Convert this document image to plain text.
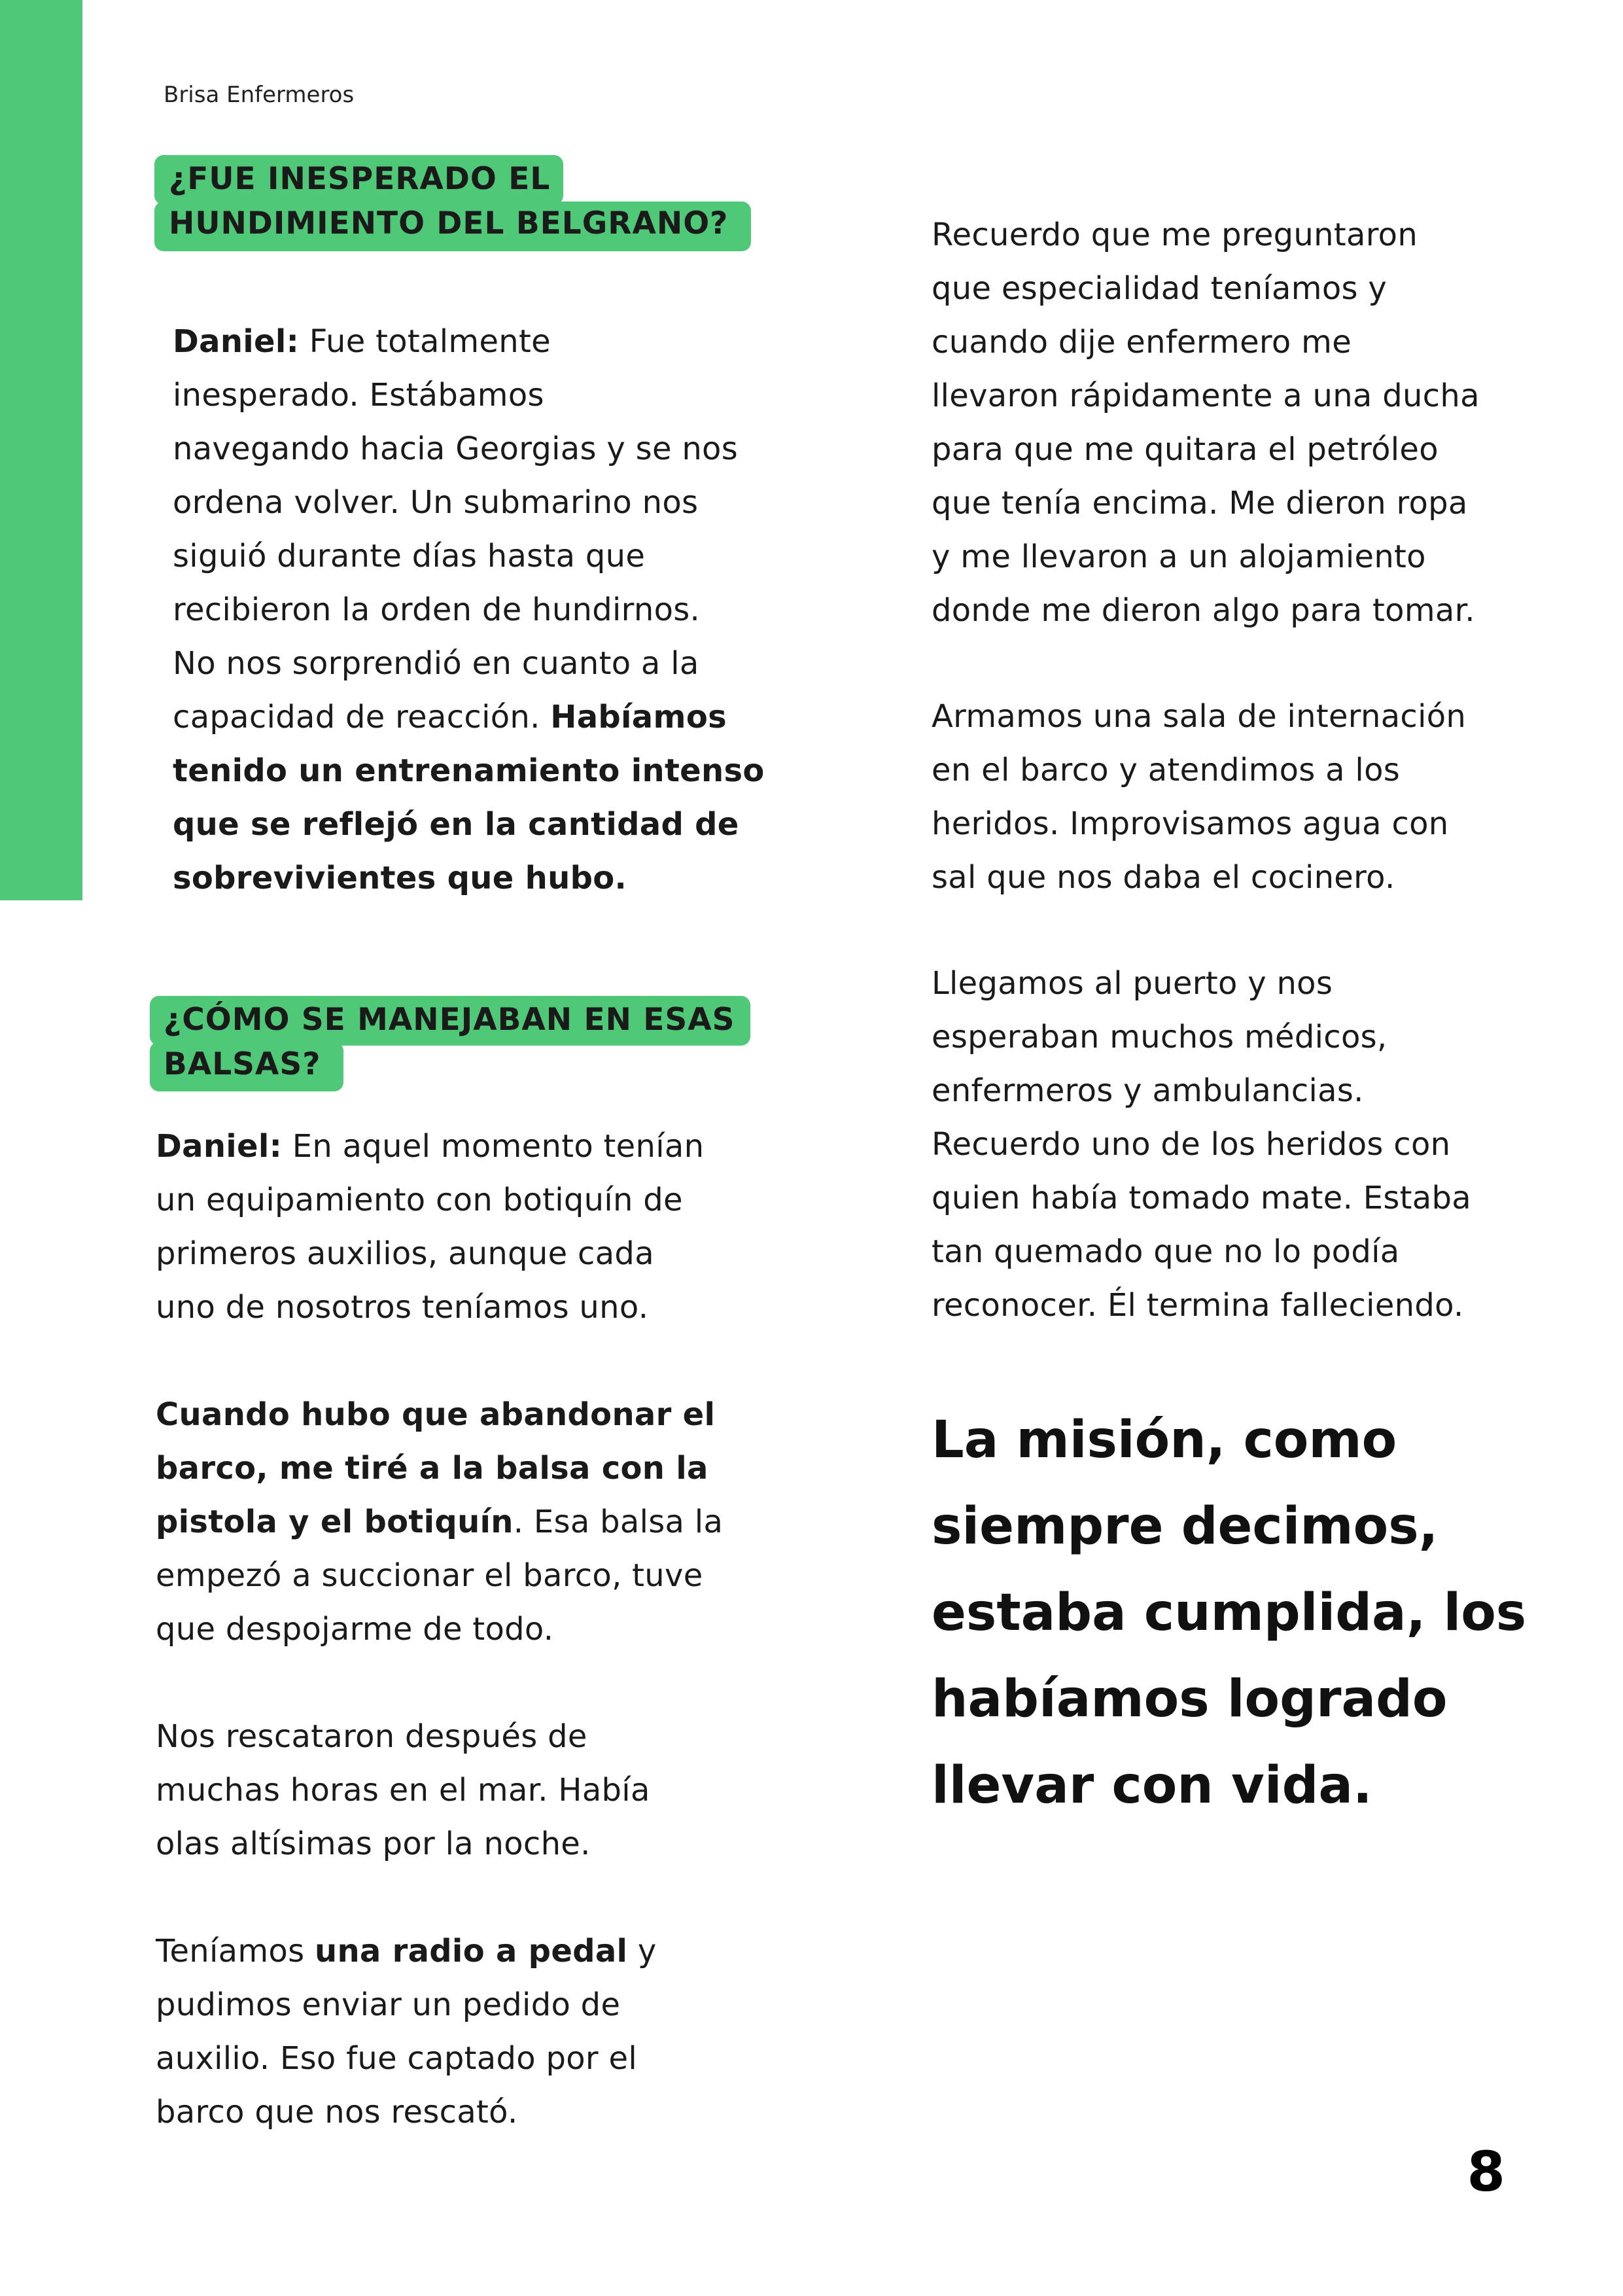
Brisa Enfermeros
¿FUE INESPERADO EL
HUNDIMIENTO DEL BELGRANO?
Daniel: Fue totalmente
inesperado. Estábamos
navegando hacia Georgias y se nos
ordena volver. Un submarino nos
siguió durante días hasta que
recibieron la orden de hundirnos.
No nos sorprendió en cuanto a la
capacidad de reacción. Habíamos
tenido un entrenamiento intenso
que se reflejó en la cantidad de
sobrevivientes que hubo.
¿CÓMO SE MANEJABAN EN ESAS
BALSAS?
Daniel: En aquel momento tenían
un equipamiento con botiquín de
primeros auxilios, aunque cada
uno de nosotros teníamos uno.
Cuando hubo que abandonar el
barco, me tiré a la balsa con la
pistola y el botiquín. Esa balsa la
empezó a succionar el barco, tuve
que despojarme de todo.
Nos rescataron después de
muchas horas en el mar. Había
olas altísimas por la noche.
Teníamos una radio a pedal y
pudimos enviar un pedido de
auxilio. Eso fue captado por el
barco que nos rescató.
Recuerdo que me preguntaron
que especialidad teníamos y
cuando dije enfermero me
llevaron rápidamente a una ducha
para que me quitara el petróleo
que tenía encima. Me dieron ropa
y me llevaron a un alojamiento
donde me dieron algo para tomar.
Armamos una sala de internación
en el barco y atendimos a los
heridos. Improvisamos agua con
sal que nos daba el cocinero.
Llegamos al puerto y nos
esperaban muchos médicos,
enfermeros y ambulancias.
Recuerdo uno de los heridos con
quien había tomado mate. Estaba
tan quemado que no lo podía
reconocer. Él termina falleciendo.
La misión, como
siempre decimos,
estaba cumplida, los
habíamos logrado
llevar con vida.
8
